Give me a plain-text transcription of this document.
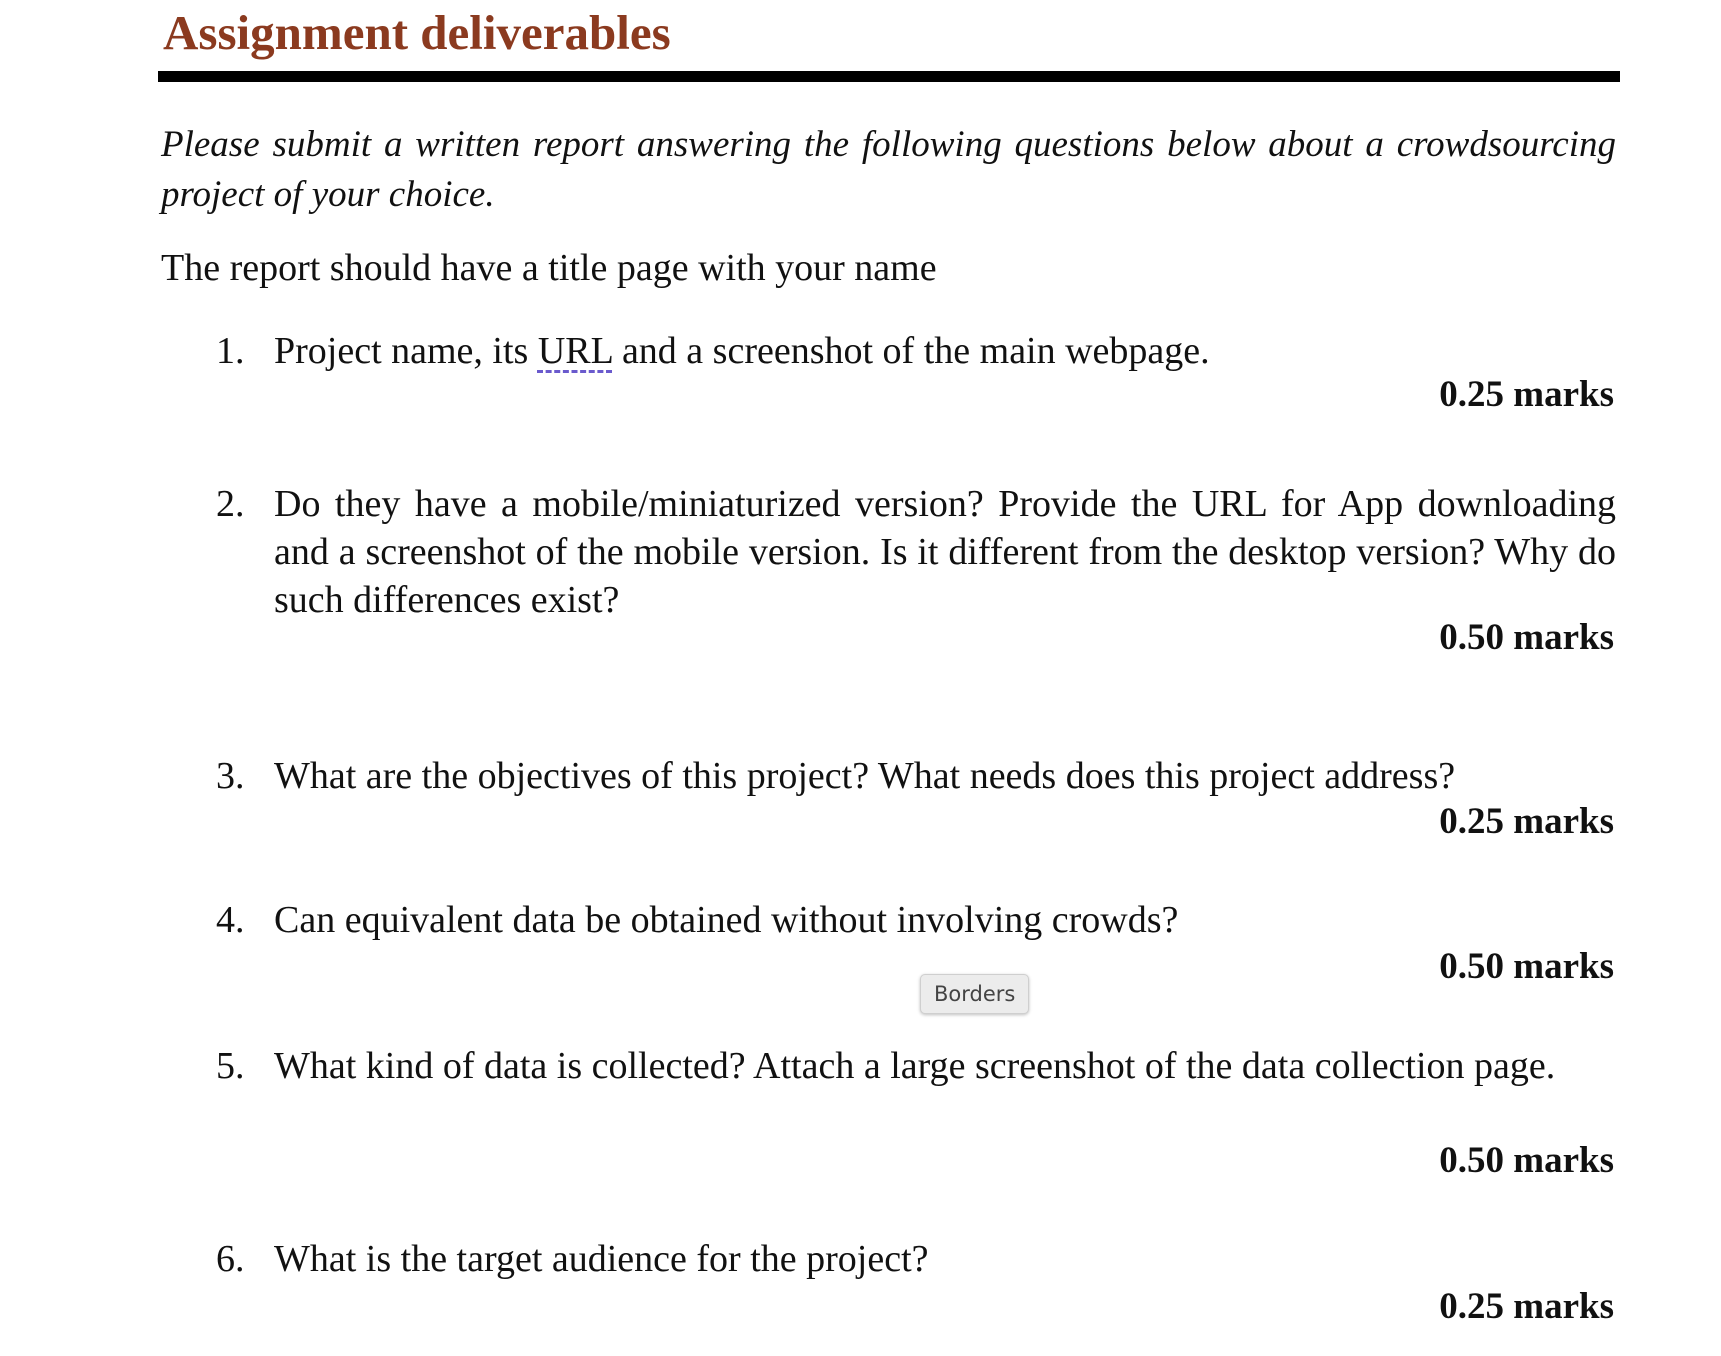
Assignment deliverables

Please submit a written report answering the following questions below about a crowdsourcing project of your choice.

The report should have a title page with your name

1. Project name, its URL and a screenshot of the main webpage.

0.25 marks
2. Do they have a mobile/miniaturized version? Provide the URL for App downloading and a screenshot of the mobile version. Is it different from the desktop version? Why do such differences exist?

0.50 marks
3. What are the objectives of this project? What needs does this project address?

0.25 marks
4. Can equivalent data be obtained without involving crowds?

0.50 marks
Borders
5. What kind of data is collected? Attach a large screenshot of the data collection page.

0.50 marks
6. What is the target audience for the project?

0.25 marks
